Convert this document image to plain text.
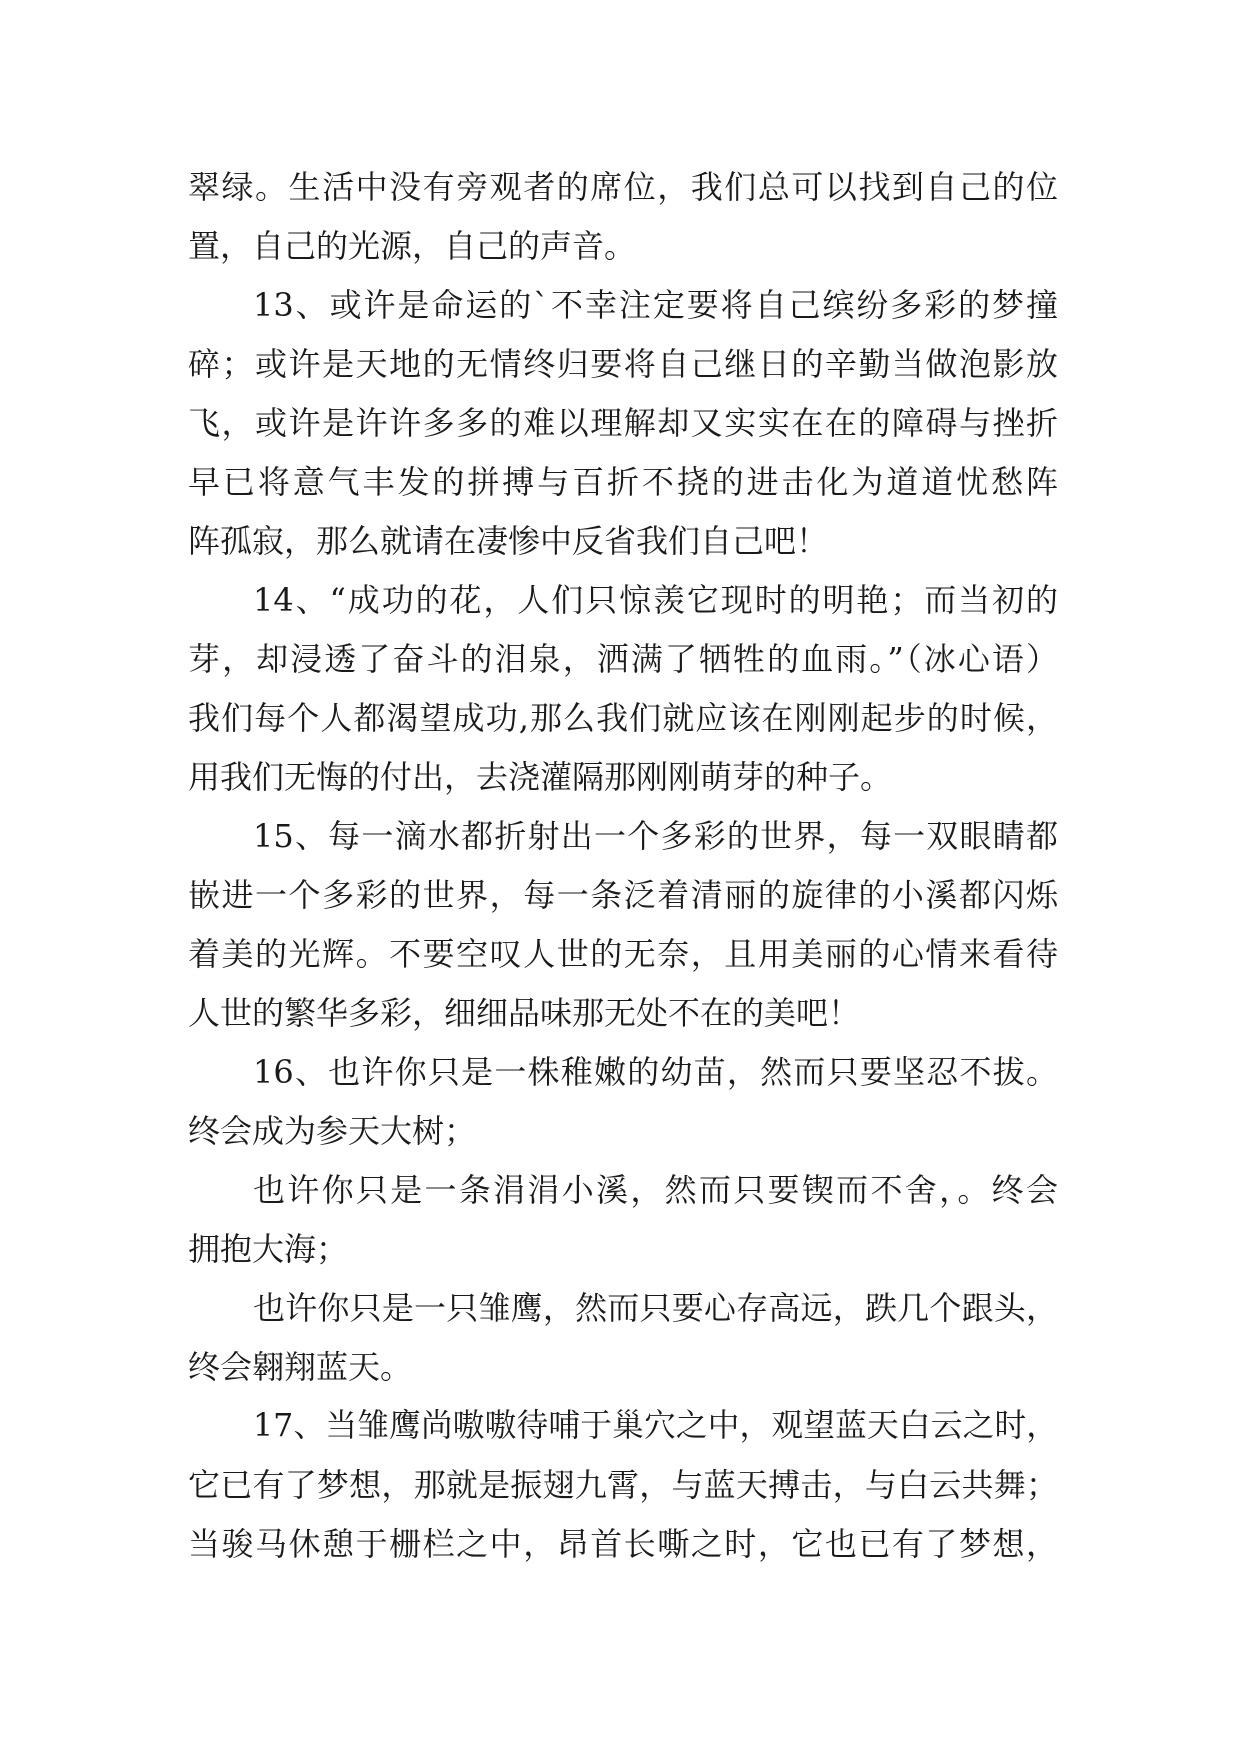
翠绿。生活中没有旁观者的席位，我们总可以找到自己的位
置，自己的光源，自己的声音。
13、或许是命运的`不幸注定要将自己缤纷多彩的梦撞
碎；或许是天地的无情终归要将自己继日的辛勤当做泡影放
飞，或许是许许多多的难以理解却又实实在在的障碍与挫折
早已将意气丰发的拼搏与百折不挠的进击化为道道忧愁阵
阵孤寂，那么就请在凄惨中反省我们自己吧！
14、“成功的花，人们只惊羡它现时的明艳；而当初的
芽，却浸透了奋斗的泪泉，洒满了牺牲的血雨。”（冰心语）
我们每个人都渴望成功,那么我们就应该在刚刚起步的时候，
用我们无悔的付出，去浇灌隔那刚刚萌芽的种子。
15、每一滴水都折射出一个多彩的世界，每一双眼睛都
嵌进一个多彩的世界，每一条泛着清丽的旋律的小溪都闪烁
着美的光辉。不要空叹人世的无奈，且用美丽的心情来看待
人世的繁华多彩，细细品味那无处不在的美吧！
16、也许你只是一株稚嫩的幼苗，然而只要坚忍不拔。
终会成为参天大树；
也许你只是一条涓涓小溪，然而只要锲而不舍，。终会
拥抱大海；
也许你只是一只雏鹰，然而只要心存高远，跌几个跟头，
终会翱翔蓝天。
17、当雏鹰尚嗷嗷待哺于巢穴之中，观望蓝天白云之时，
它已有了梦想，那就是振翅九霄，与蓝天搏击，与白云共舞；
当骏马休憩于栅栏之中，昂首长嘶之时，它也已有了梦想，
